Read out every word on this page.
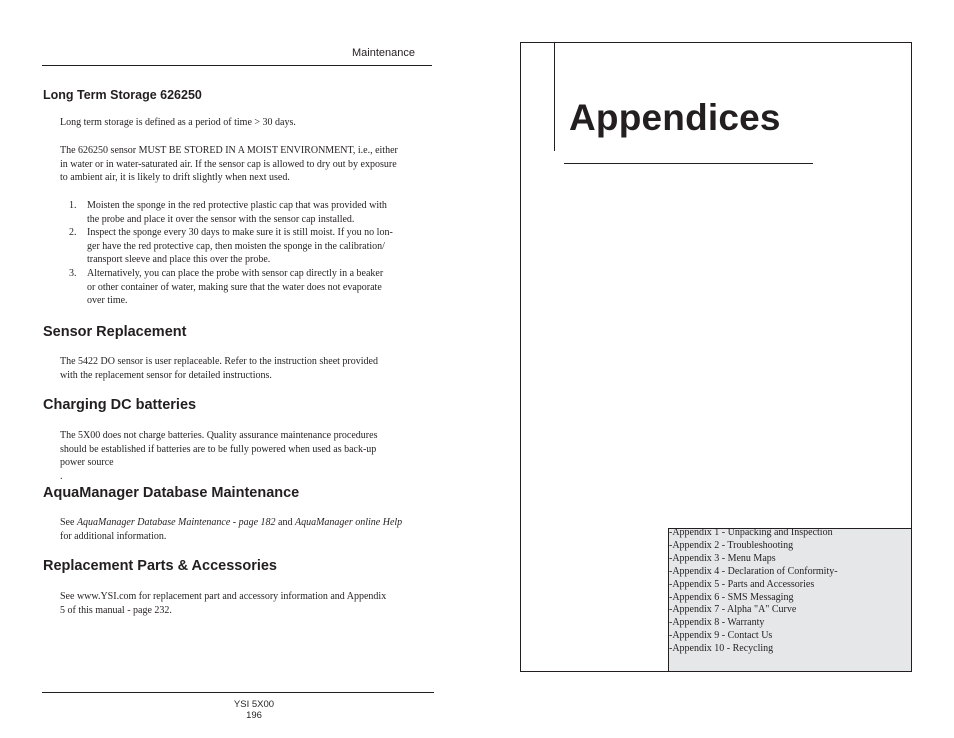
Maintenance
Long Term Storage 626250
Long term storage is defined as a period of time > 30 days.
The 626250 sensor MUST BE STORED IN A MOIST ENVIRONMENT, i.e., either
in water or in water-saturated air. If the sensor cap is allowed to dry out by exposure
to ambient air, it is likely to drift slightly when next used.
1. Moisten the sponge in the red protective plastic cap that was provided with
the probe and place it over the sensor with the sensor cap installed.
2. Inspect the sponge every 30 days to make sure it is still moist. If you no lon-
ger have the red protective cap, then moisten the sponge in the calibration/
transport sleeve and place this over the probe.
3. Alternatively, you can place the probe with sensor cap directly in a beaker
or other container of water, making sure that the water does not evaporate
over time.
Sensor Replacement
The 5422 DO sensor is user replaceable. Refer to the instruction sheet provided
with the replacement sensor for detailed instructions.
Charging DC batteries
The 5X00 does not charge batteries. Quality assurance maintenance procedures
should be established if batteries are to be fully powered when used as back-up
power source
.
AquaManager Database Maintenance
See AquaManager Database Maintenance - page 182 and AquaManager online Help
for additional information.
Replacement Parts & Accessories
See www.YSI.com for replacement part and accessory information and Appendix
5 of this manual - page 232.
YSI 5X00
196
Appendices
-Appendix 1 - Unpacking and Inspection
-Appendix 2 - Troubleshooting
-Appendix 3 - Menu Maps
-Appendix 4 - Declaration of Conformity-
-Appendix 5 - Parts and Accessories
-Appendix 6 - SMS Messaging
-Appendix 7 - Alpha "A" Curve
-Appendix 8 - Warranty
-Appendix 9 - Contact Us
-Appendix 10 - Recycling
